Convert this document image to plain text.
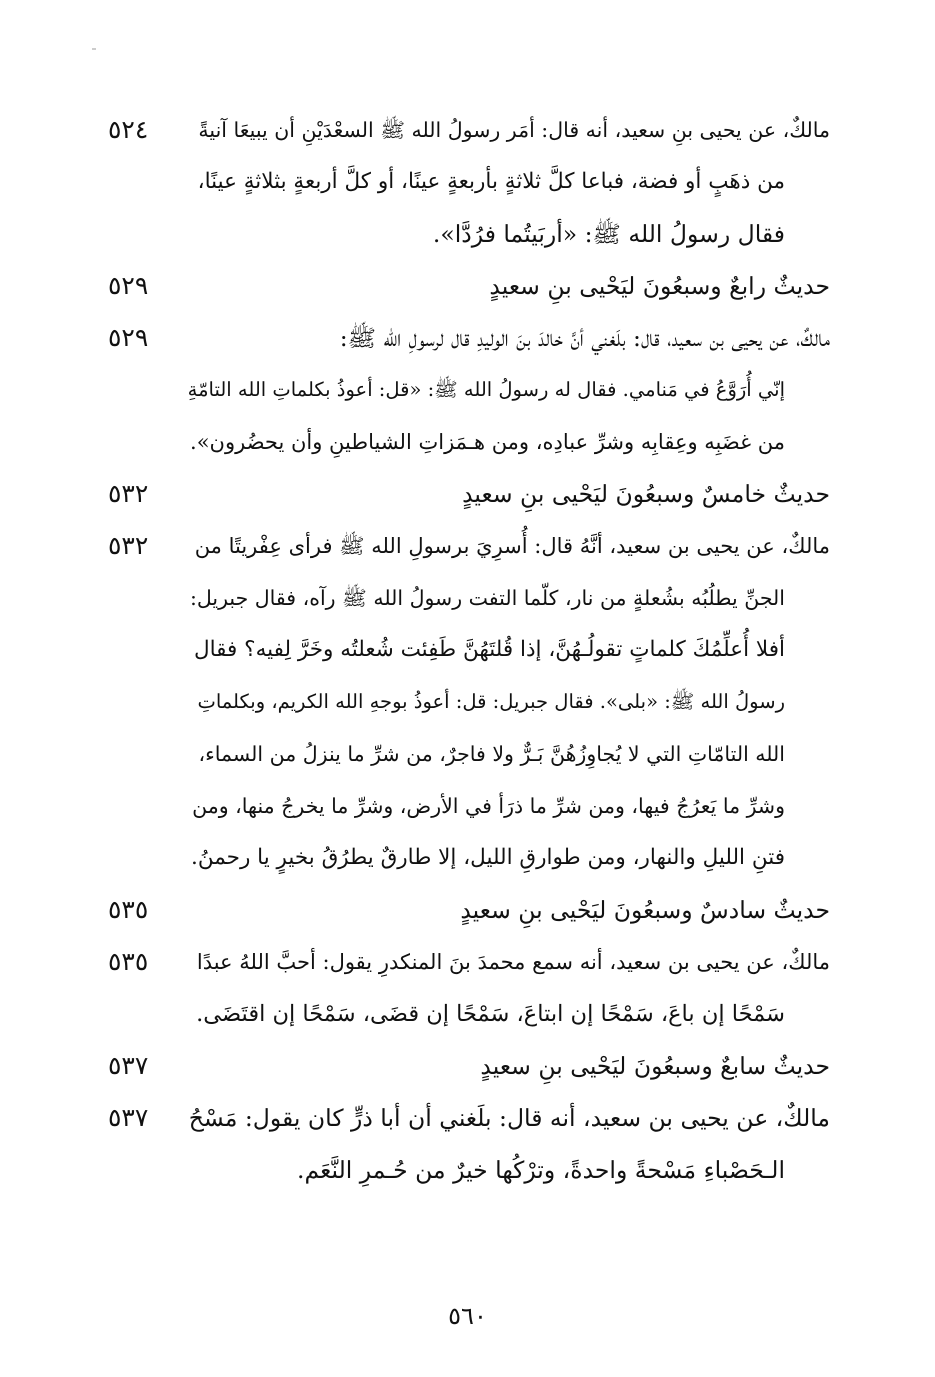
٥٢٤	مالكٌ، عن يحيى بنِ سعيد، أنه قال: أمَر رسولُ الله ﷺ السعْدَيْنِ أن يبيعَا آنيةً
من ذهَبٍ أو فضة، فباعا كلَّ ثلاثةٍ بأربعةٍ عينًا، أو كلَّ أربعةٍ بثلاثةٍ عينًا،
فقال رسولُ الله ﷺ: «أربَيتُما فرُدَّا».
٥٢٩	حديثٌ رابعٌ وسبعُونَ ليَحْيى بنِ سعيدٍ
٥٢٩	مالكٌ، عن يحيى بن سعيد، قال: بلَغني أنَّ خالدَ بنَ الوليدِ قال لرسولِ الله ﷺ:
إنّي أُرَوَّعُ في مَنامي. فقال له رسولُ الله ﷺ: «قل: أعوذُ بكلماتِ الله التامّةِ
من غضَبِه وعِقابِه وشرِّ عبادِه، ومن هـمَزاتِ الشياطينِ وأن يحضُرون».
٥٣٢	حديثٌ خامسٌ وسبعُونَ ليَحْيى بنِ سعيدٍ
٥٣٢	مالكٌ، عن يحيى بن سعيد، أنَّهُ قال: أُسرِيَ برسولِ الله ﷺ فرأى عِفْريتًا من
الجنِّ يطلُبُه بشُعلةٍ من نار، كلّما التفت رسولُ الله ﷺ رآه، فقال جبريل:
أفلا أُعلِّمُكَ كلماتٍ تقولُـهُنَّ، إذا قُلتَهُنَّ طَفِئت شُعلتُه وخَرَّ لِفيه؟ فقال
رسولُ الله ﷺ: «بلى». فقال جبريل: قل: أعوذُ بوجهِ الله الكريم، وبكلماتِ
الله التامّاتِ التي لا يُجاوِزُهُنَّ بَـرٌّ ولا فاجرٌ، من شرِّ ما ينزلُ من السماء،
وشرِّ ما يَعرُجُ فيها، ومن شرِّ ما ذرَأ في الأرض، وشرِّ ما يخرجُ منها، ومن
فتنِ الليلِ والنهار، ومن طوارقِ الليل، إلا طارقٌ يطرُقُ بخيرٍ يا رحمنُ.
٥٣٥	حديثٌ سادسٌ وسبعُونَ ليَحْيى بنِ سعيدٍ
٥٣٥	مالكٌ، عن يحيى بن سعيد، أنه سمع محمدَ بنَ المنكدرِ يقول: أحبَّ اللهُ عبدًا
سَمْحًا إن باعَ، سَمْحًا إن ابتاعَ، سَمْحًا إن قضَى، سَمْحًا إن اقتَضَى.
٥٣٧	حديثٌ سابعٌ وسبعُونَ ليَحْيى بنِ سعيدٍ
٥٣٧	مالكٌ، عن يحيى بن سعيد، أنه قال: بلَغني أن أبا ذرٍّ كان يقول: مَسْحُ
الـحَصْباءِ مَسْحةً واحدةً، وترْكُها خيرٌ من حُـمرِ النَّعَم.
٥٦٠
